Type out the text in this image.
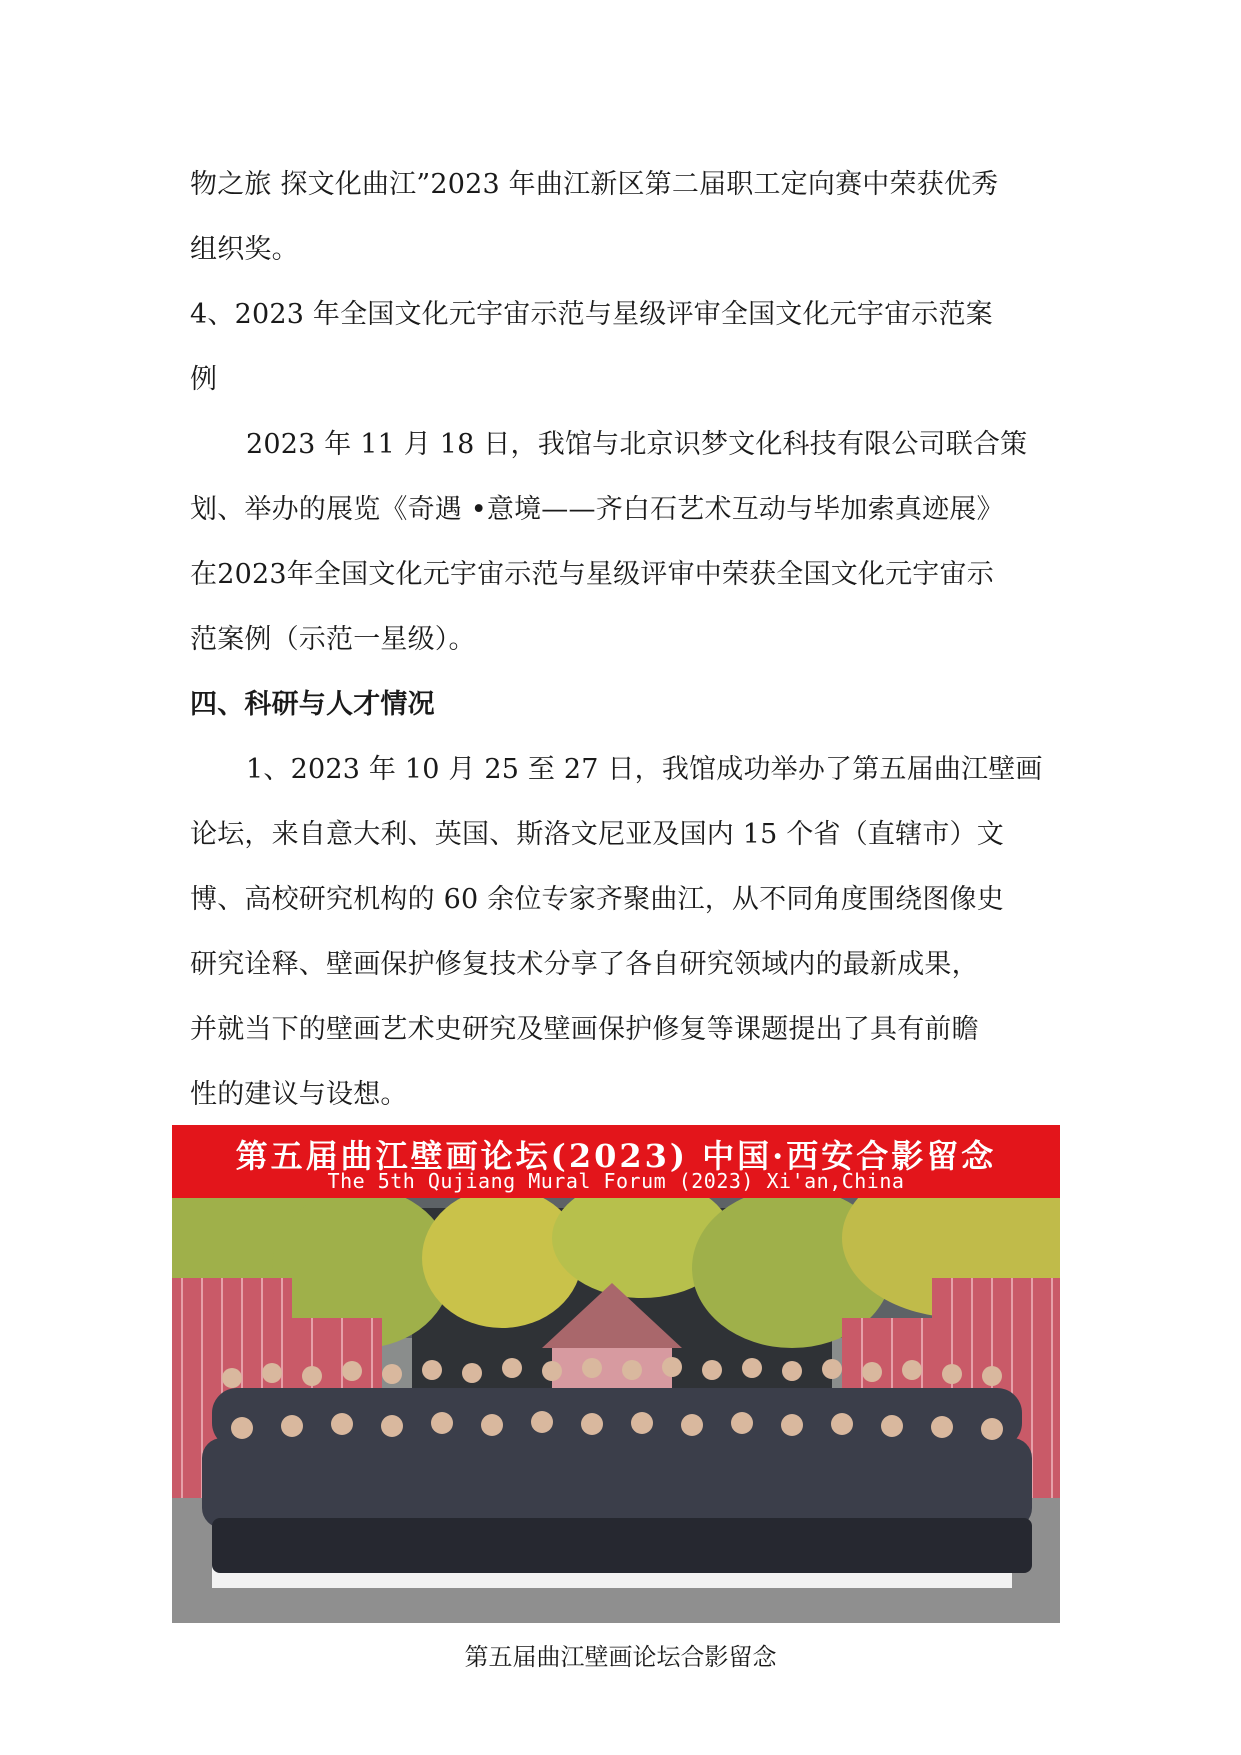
物之旅 探文化曲江”2023 年曲江新区第二届职工定向赛中荣获优秀
组织奖。
4、2023 年全国文化元宇宙示范与星级评审全国文化元宇宙示范案
例
2023 年 11 月 18 日，我馆与北京识梦文化科技有限公司联合策
划、举办的展览《奇遇 •意境——齐白石艺术互动与毕加索真迹展》
在2023年全国文化元宇宙示范与星级评审中荣获全国文化元宇宙示
范案例（示范一星级）。
四、科研与人才情况
1、2023 年 10 月 25 至 27 日，我馆成功举办了第五届曲江壁画
论坛，来自意大利、英国、斯洛文尼亚及国内 15 个省（直辖市）文
博、高校研究机构的 60 余位专家齐聚曲江，从不同角度围绕图像史
研究诠释、壁画保护修复技术分享了各自研究领域内的最新成果，
并就当下的壁画艺术史研究及壁画保护修复等课题提出了具有前瞻
性的建议与设想。
第五届曲江壁画论坛(2023) 中国·西安合影留念
The 5th Qujiang Mural Forum (2023) Xi'an,China
第五届曲江壁画论坛合影留念
